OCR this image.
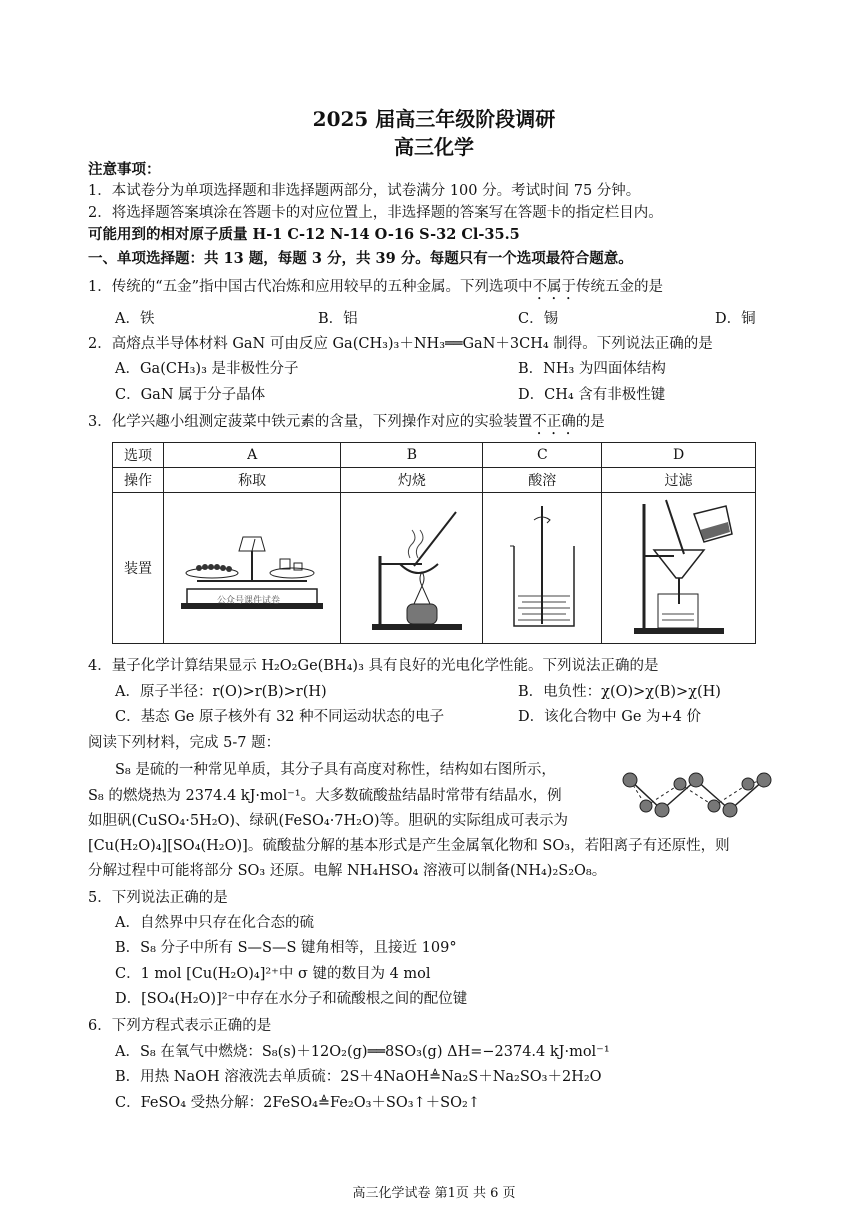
2025 届高三年级阶段调研
高三化学
注意事项：
1．本试卷分为单项选择题和非选择题两部分，试卷满分 100 分。考试时间 75 分钟。
2．将选择题答案填涂在答题卡的对应位置上，非选择题的答案写在答题卡的指定栏目内。
可能用到的相对原子质量 H-1 C-12 N-14 O-16 S-32 Cl-35.5
一、单项选择题：共 13 题，每题 3 分，共 39 分。每题只有一个选项最符合题意。
1．传统的“五金”指中国古代冶炼和应用较早的五种金属。下列选项中不属于传统五金的是
A．铁	B．铝	C．锡	D．铜
2．高熔点半导体材料 GaN 可由反应 Ga(CH₃)₃＋NH₃══GaN＋3CH₄ 制得。下列说法正确的是
A．Ga(CH₃)₃ 是非极性分子	B．NH₃ 为四面体结构
C．GaN 属于分子晶体	D．CH₄ 含有非极性键
3．化学兴趣小组测定菠菜中铁元素的含量，下列操作对应的实验装置不正确的是
选项	A	B	C	D
操作	称取	灼烧	酸溶	过滤
装置	公众号课件试卷

4．量子化学计算结果显示 H₂O₂Ge(BH₄)₃ 具有良好的光电化学性能。下列说法正确的是
A．原子半径：r(O)>r(B)>r(H)	B．电负性：χ(O)>χ(B)>χ(H)
C．基态 Ge 原子核外有 32 种不同运动状态的电子	D．该化合物中 Ge 为+4 价
阅读下列材料，完成 5-7 题：
S₈ 是硫的一种常见单质，其分子具有高度对称性，结构如右图所示，
S₈ 的燃烧热为 2374.4 kJ·mol⁻¹。大多数硫酸盐结晶时常带有结晶水，例
如胆矾(CuSO₄·5H₂O)、绿矾(FeSO₄·7H₂O)等。胆矾的实际组成可表示为
[Cu(H₂O)₄][SO₄(H₂O)]。硫酸盐分解的基本形式是产生金属氧化物和 SO₃，若阳离子有还原性，则
分解过程中可能将部分 SO₃ 还原。电解 NH₄HSO₄ 溶液可以制备(NH₄)₂S₂O₈。
5．下列说法正确的是
A．自然界中只存在化合态的硫
B．S₈ 分子中所有 S—S—S 键角相等，且接近 109°
C．1 mol [Cu(H₂O)₄]²⁺中 σ 键的数目为 4 mol
D．[SO₄(H₂O)]²⁻中存在水分子和硫酸根之间的配位键
6．下列方程式表示正确的是
A．S₈ 在氧气中燃烧：S₈(s)＋12O₂(g)══8SO₃(g) ΔH=−2374.4 kJ·mol⁻¹
B．用热 NaOH 溶液洗去单质硫：2S＋4NaOH≜Na₂S＋Na₂SO₃＋2H₂O
C．FeSO₄ 受热分解：2FeSO₄≜Fe₂O₃＋SO₃↑＋SO₂↑
高三化学试卷 第1页 共 6 页
